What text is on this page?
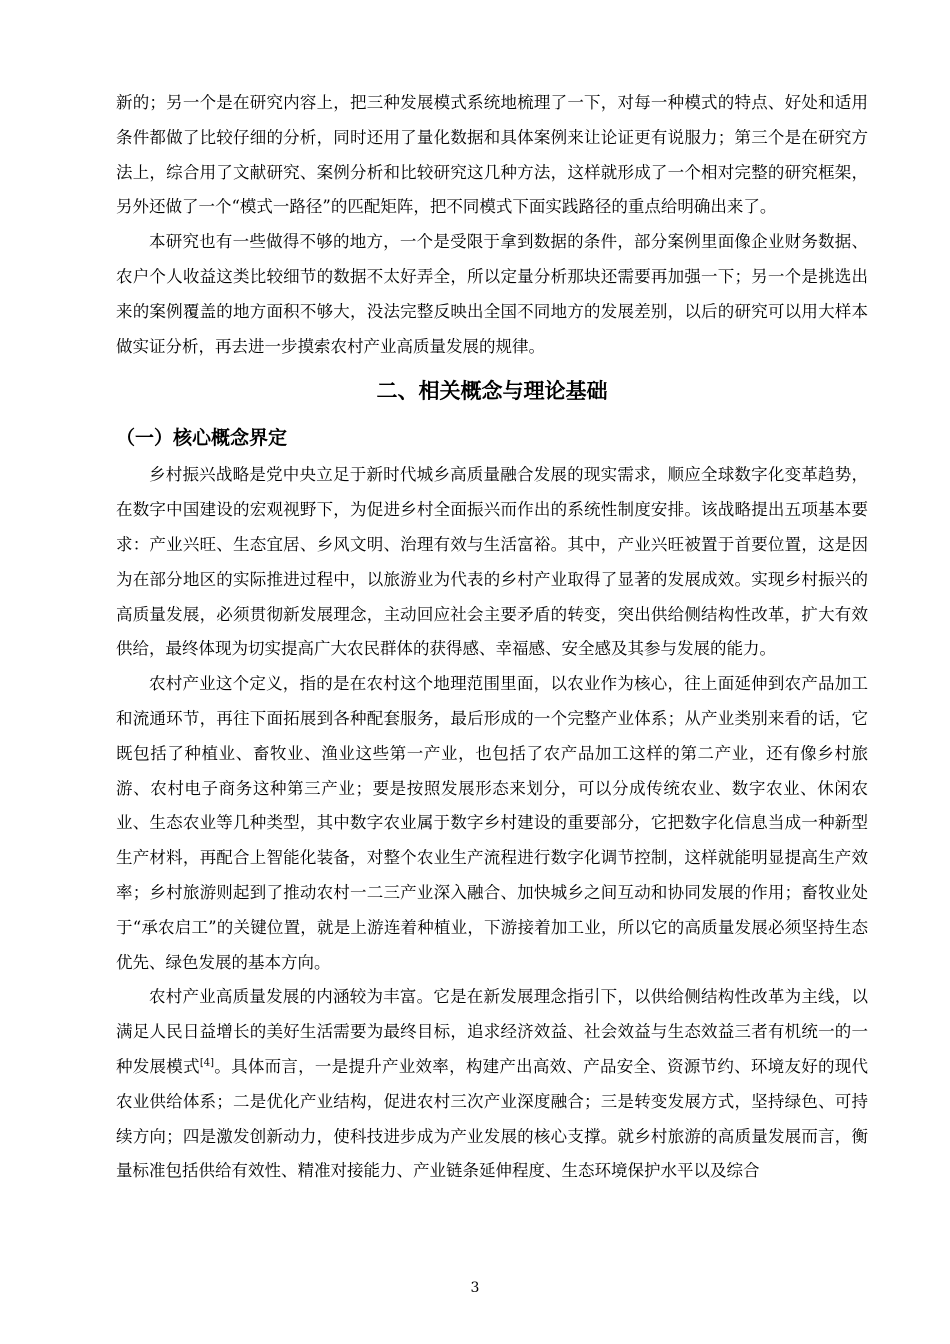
新的；另一个是在研究内容上，把三种发展模式系统地梳理了一下，对每一种模式的特点、好处和适用条件都做了比较仔细的分析，同时还用了量化数据和具体案例来让论证更有说服力；第三个是在研究方法上，综合用了文献研究、案例分析和比较研究这几种方法，这样就形成了一个相对完整的研究框架，另外还做了一个“模式一路径”的匹配矩阵，把不同模式下面实践路径的重点给明确出来了。

本研究也有一些做得不够的地方，一个是受限于拿到数据的条件，部分案例里面像企业财务数据、农户个人收益这类比较细节的数据不太好弄全，所以定量分析那块还需要再加强一下；另一个是挑选出来的案例覆盖的地方面积不够大，没法完整反映出全国不同地方的发展差别，以后的研究可以用大样本做实证分析，再去进一步摸索农村产业高质量发展的规律。

二、相关概念与理论基础
（一）核心概念界定

乡村振兴战略是党中央立足于新时代城乡高质量融合发展的现实需求，顺应全球数字化变革趋势，在数字中国建设的宏观视野下，为促进乡村全面振兴而作出的系统性制度安排。该战略提出五项基本要求：产业兴旺、生态宜居、乡风文明、治理有效与生活富裕。其中，产业兴旺被置于首要位置，这是因为在部分地区的实际推进过程中，以旅游业为代表的乡村产业取得了显著的发展成效。实现乡村振兴的高质量发展，必须贯彻新发展理念，主动回应社会主要矛盾的转变，突出供给侧结构性改革，扩大有效供给，最终体现为切实提高广大农民群体的获得感、幸福感、安全感及其参与发展的能力。

农村产业这个定义，指的是在农村这个地理范围里面，以农业作为核心，往上面延伸到农产品加工和流通环节，再往下面拓展到各种配套服务，最后形成的一个完整产业体系；从产业类别来看的话，它既包括了种植业、畜牧业、渔业这些第一产业，也包括了农产品加工这样的第二产业，还有像乡村旅游、农村电子商务这种第三产业；要是按照发展形态来划分，可以分成传统农业、数字农业、休闲农业、生态农业等几种类型，其中数字农业属于数字乡村建设的重要部分，它把数字化信息当成一种新型生产材料，再配合上智能化装备，对整个农业生产流程进行数字化调节控制，这样就能明显提高生产效率；乡村旅游则起到了推动农村一二三产业深入融合、加快城乡之间互动和协同发展的作用；畜牧业处于“承农启工”的关键位置，就是上游连着种植业，下游接着加工业，所以它的高质量发展必须坚持生态优先、绿色发展的基本方向。

农村产业高质量发展的内涵较为丰富。它是在新发展理念指引下，以供给侧结构性改革为主线，以满足人民日益增长的美好生活需要为最终目标，追求经济效益、社会效益与生态效益三者有机统一的一种发展模式[4]。具体而言，一是提升产业效率，构建产出高效、产品安全、资源节约、环境友好的现代农业供给体系；二是优化产业结构，促进农村三次产业深度融合；三是转变发展方式，坚持绿色、可持续方向；四是激发创新动力，使科技进步成为产业发展的核心支撑。就乡村旅游的高质量发展而言，衡量标准包括供给有效性、精准对接能力、产业链条延伸程度、生态环境保护水平以及综合

3
